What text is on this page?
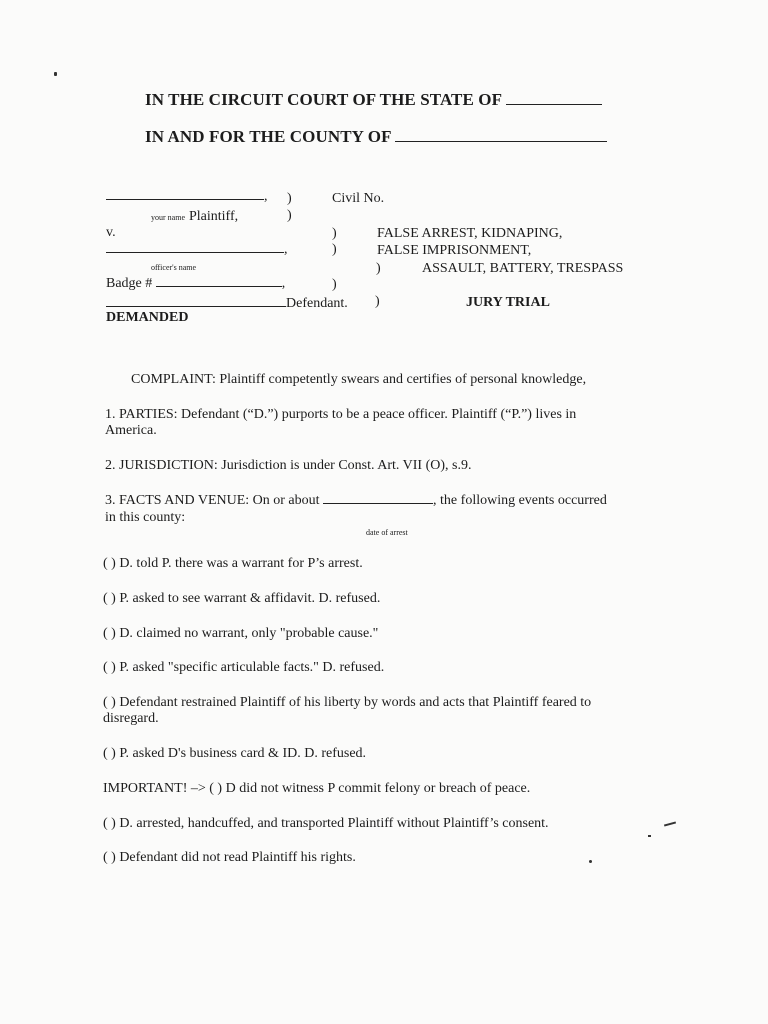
IN THE CIRCUIT COURT OF THE STATE OF
IN AND FOR THE COUNTY OF
,
your name Plaintiff,
v.
,
officer's name
Badge #	,
Defendant.
DEMANDED
)
)
)
)
)
)
)
Civil No.
FALSE ARREST, KIDNAPING,
FALSE IMPRISONMENT,
ASSAULT, BATTERY, TRESPASS
JURY TRIAL
COMPLAINT: Plaintiff competently swears and certifies of personal knowledge,
1. PARTIES: Defendant (“D.”) purports to be a peace officer. Plaintiff (“P.”) lives in
America.
2. JURISDICTION: Jurisdiction is under Const. Art. VII (O), s.9.
3. FACTS AND VENUE: On or about	, the following events occurred
in this county:
date of arrest
( ) D. told P. there was a warrant for P’s arrest.
( ) P. asked to see warrant & affidavit. D. refused.
( ) D. claimed no warrant, only "probable cause."
( ) P. asked "specific articulable facts." D. refused.
( ) Defendant restrained Plaintiff of his liberty by words and acts that Plaintiff feared to
disregard.
( ) P. asked D's business card & ID. D. refused.
IMPORTANT! –> ( ) D did not witness P commit felony or breach of peace.
( ) D. arrested, handcuffed, and transported Plaintiff without Plaintiff’s consent.
( ) Defendant did not read Plaintiff his rights.
